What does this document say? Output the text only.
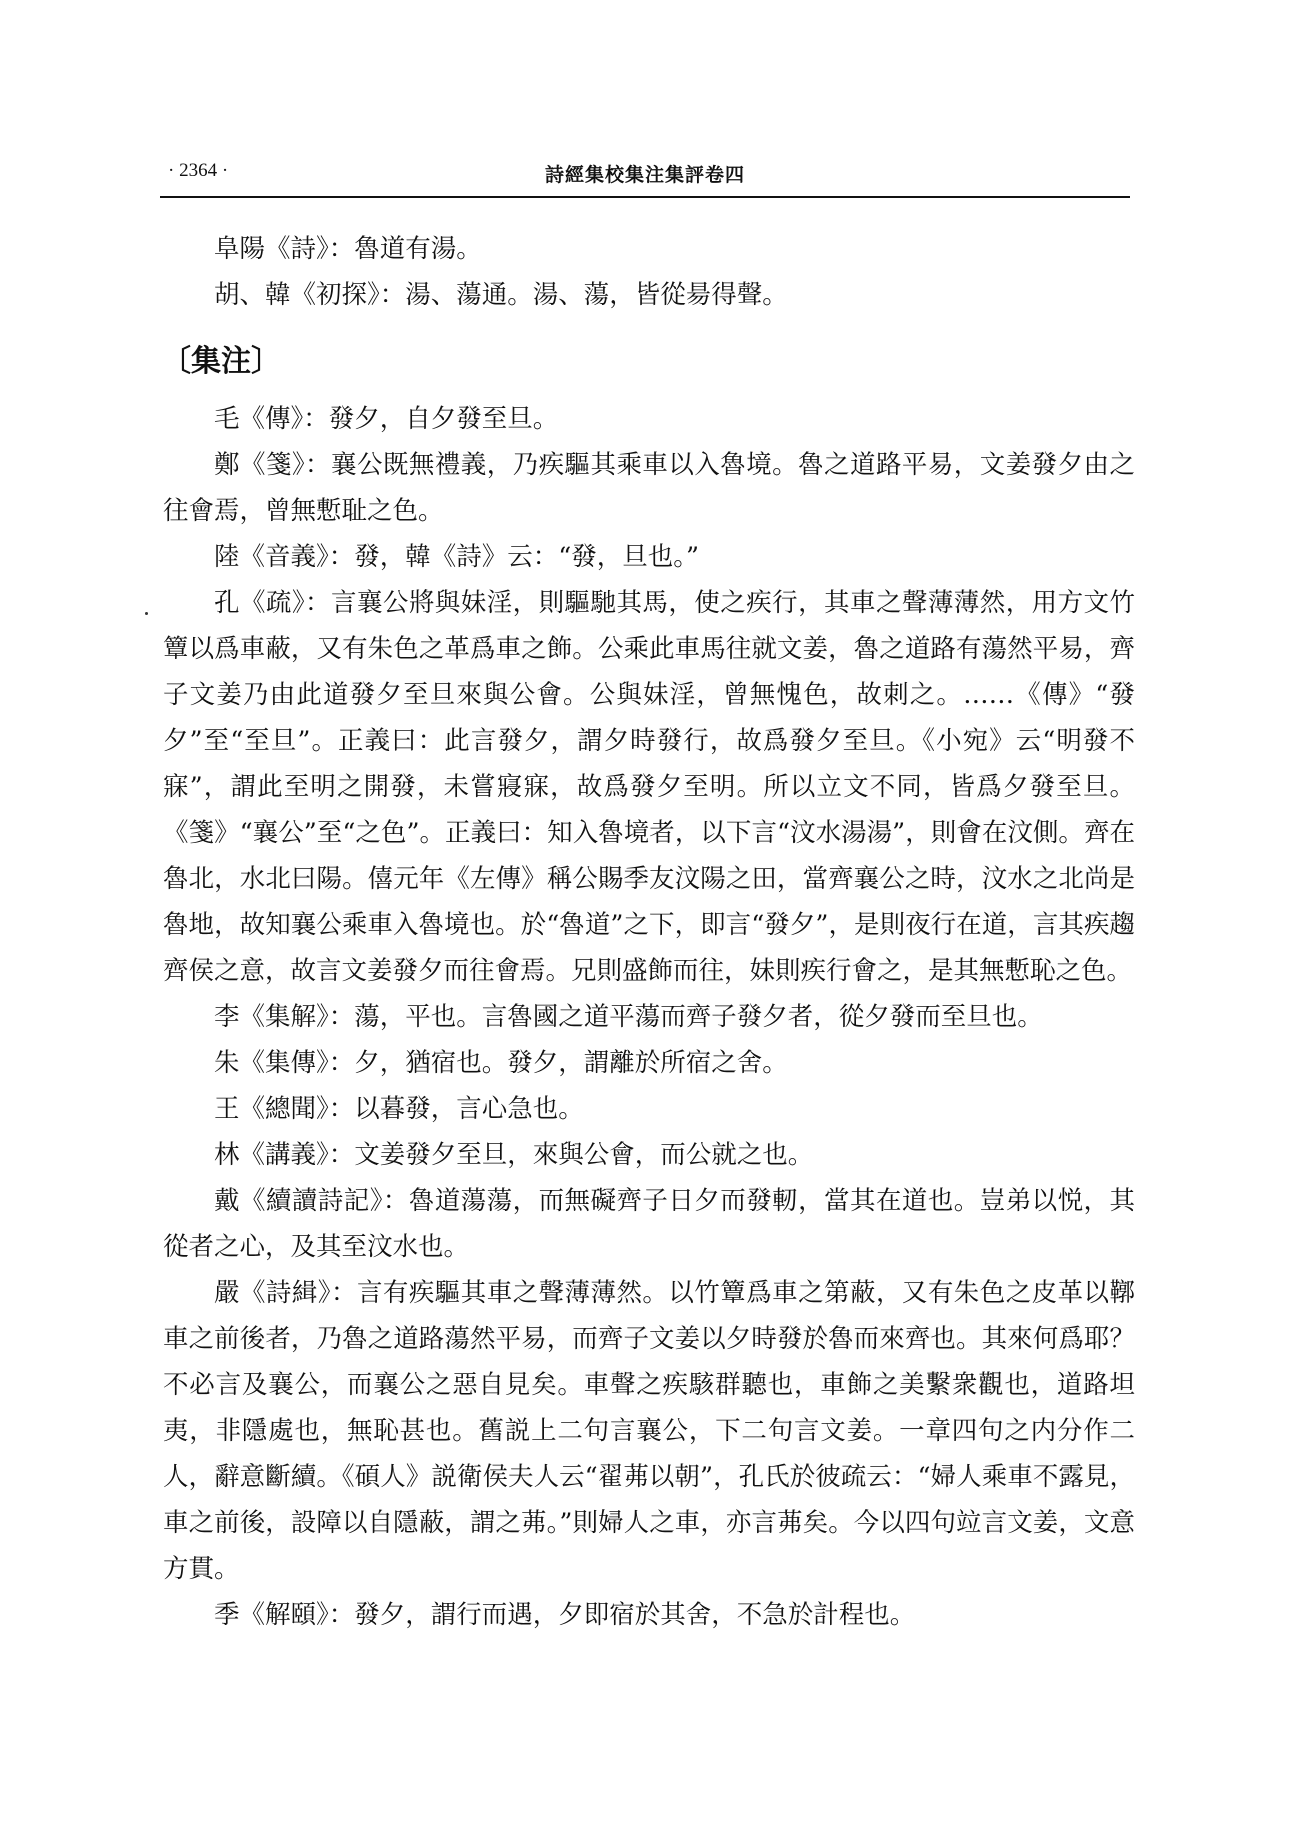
· 2364 ·	詩經集校集注集評卷四

阜陽《詩》：魯道有湯。

胡、韓《初探》：湯、蕩通。湯、蕩，皆從昜得聲。

〔集注〕

毛《傳》：發夕，自夕發至旦。

鄭《箋》：襄公既無禮義，乃疾驅其乘車以入魯境。魯之道路平易，文姜發夕由之往會焉，曾無慙耻之色。

陸《音義》：發，韓《詩》云：“發，旦也。”

孔《疏》：言襄公將與妹淫，則驅馳其馬，使之疾行，其車之聲薄薄然，用方文竹簟以爲車蔽，又有朱色之革爲車之飾。公乘此車馬往就文姜，魯之道路有蕩然平易，齊子文姜乃由此道發夕至旦來與公會。公與妹淫，曾無愧色，故刺之。……《傳》“發夕”至“至旦”。正義曰：此言發夕，謂夕時發行，故爲發夕至旦。《小宛》云“明發不寐”，謂此至明之開發，未嘗寢寐，故爲發夕至明。所以立文不同，皆爲夕發至旦。《箋》“襄公”至“之色”。正義曰：知入魯境者，以下言“汶水湯湯”，則會在汶側。齊在魯北，水北曰陽。僖元年《左傳》稱公賜季友汶陽之田，當齊襄公之時，汶水之北尚是魯地，故知襄公乘車入魯境也。於“魯道”之下，即言“發夕”，是則夜行在道，言其疾趨齊侯之意，故言文姜發夕而往會焉。兄則盛飾而往，妹則疾行會之，是其無慙恥之色。

李《集解》：蕩，平也。言魯國之道平蕩而齊子發夕者，從夕發而至旦也。

朱《集傳》：夕，猶宿也。發夕，謂離於所宿之舍。

王《總聞》：以暮發，言心急也。

林《講義》：文姜發夕至旦，來與公會，而公就之也。

戴《續讀詩記》：魯道蕩蕩，而無礙齊子日夕而發軔，當其在道也。豈弟以悦，其從者之心，及其至汶水也。

嚴《詩緝》：言有疾驅其車之聲薄薄然。以竹簟爲車之第蔽，又有朱色之皮革以鞹車之前後者，乃魯之道路蕩然平易，而齊子文姜以夕時發於魯而來齊也。其來何爲耶？不必言及襄公，而襄公之惡自見矣。車聲之疾駭群聽也，車飾之美繫衆觀也，道路坦夷，非隱處也，無恥甚也。舊説上二句言襄公，下二句言文姜。一章四句之内分作二人，辭意斷續。《碩人》説衛侯夫人云“翟茀以朝”，孔氏於彼疏云：“婦人乘車不露見，車之前後，設障以自隱蔽，謂之茀。”則婦人之車，亦言茀矣。今以四句竝言文姜，文意方貫。

季《解頤》：發夕，謂行而遇，夕即宿於其舍，不急於計程也。
